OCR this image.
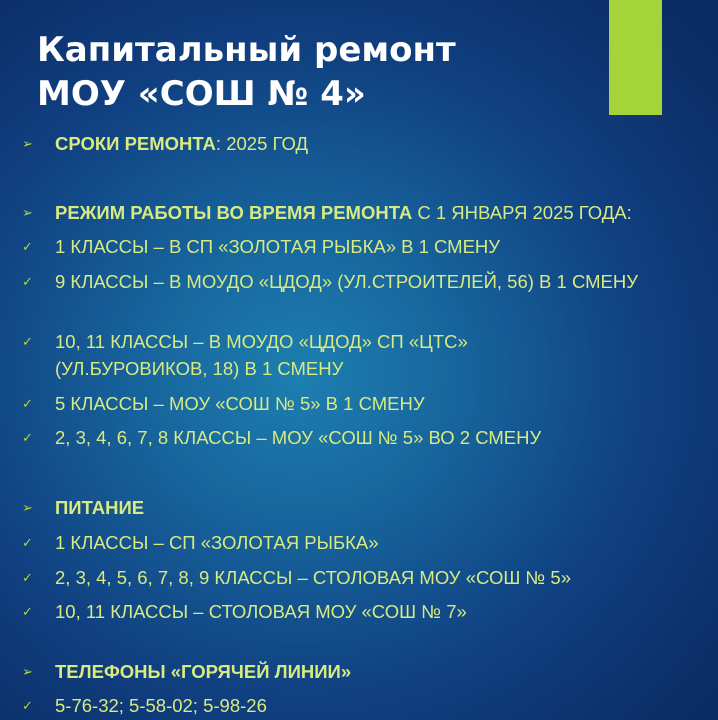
Капитальный ремонт
МОУ «СОШ № 4»
➢ СРОКИ РЕМОНТА: 2025 ГОД
➢ РЕЖИМ РАБОТЫ ВО ВРЕМЯ РЕМОНТА С 1 ЯНВАРЯ 2025 ГОДА:
✓ 1 КЛАССЫ – В СП «ЗОЛОТАЯ РЫБКА» В 1 СМЕНУ
✓ 9 КЛАССЫ – В МОУДО «ЦДОД» (УЛ.СТРОИТЕЛЕЙ, 56) В 1 СМЕНУ
✓ 10, 11 КЛАССЫ – В МОУДО «ЦДОД» СП «ЦТС» (УЛ.БУРОВИКОВ, 18) В 1 СМЕНУ
✓ 5 КЛАССЫ – МОУ «СОШ № 5» В 1 СМЕНУ
✓ 2, 3, 4, 6, 7, 8 КЛАССЫ – МОУ «СОШ № 5» ВО 2 СМЕНУ
➢ ПИТАНИЕ
✓ 1 КЛАССЫ – СП «ЗОЛОТАЯ РЫБКА»
✓ 2, 3, 4, 5, 6, 7, 8, 9 КЛАССЫ – СТОЛОВАЯ МОУ «СОШ № 5»
✓ 10, 11 КЛАССЫ – СТОЛОВАЯ МОУ «СОШ № 7»
➢ ТЕЛЕФОНЫ «ГОРЯЧЕЙ ЛИНИИ»
✓ 5-76-32; 5-58-02; 5-98-26
